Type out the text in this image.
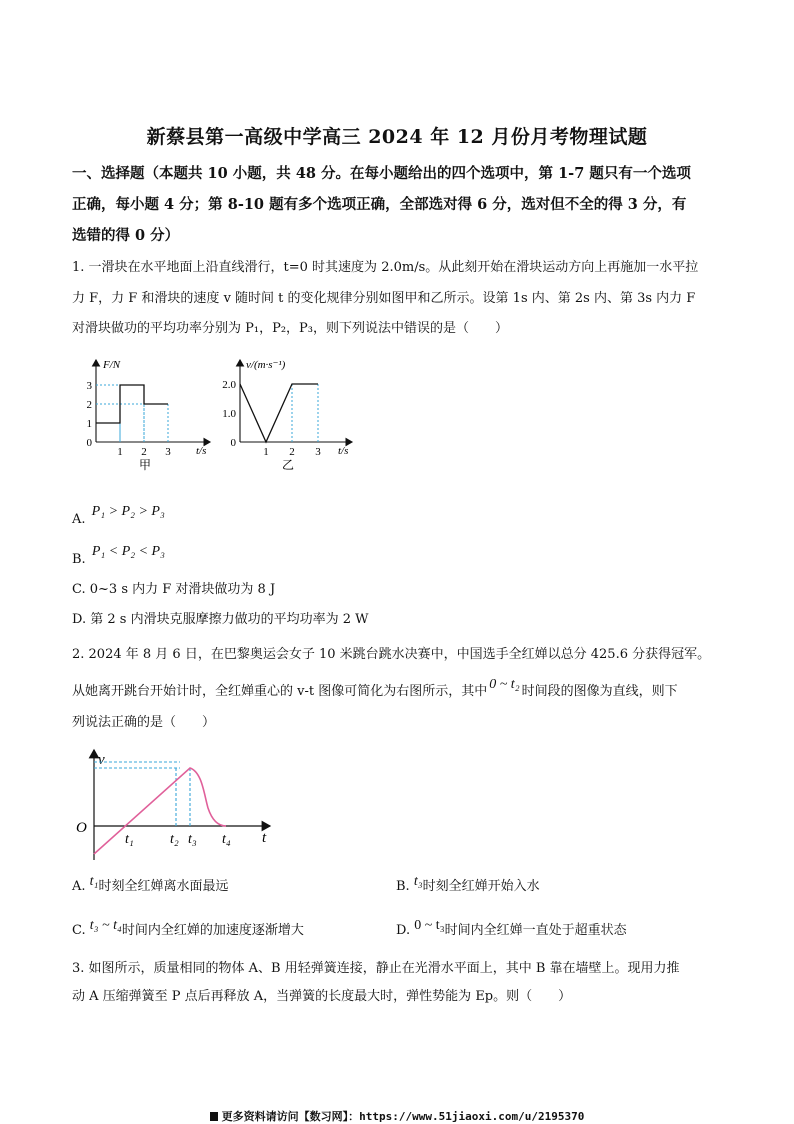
新蔡县第一高级中学高三 2024 年 12 月份月考物理试题
一、选择题（本题共 10 小题，共 48 分。在每小题给出的四个选项中，第 1-7 题只有一个选项
正确，每小题 4 分；第 8-10 题有多个选项正确，全部选对得 6 分，选对但不全的得 3 分，有
选错的得 0 分）
1. 一滑块在水平地面上沿直线滑行，t=0 时其速度为 2.0m/s。从此刻开始在滑块运动方向上再施加一水平拉
力 F，力 F 和滑块的速度 v 随时间 t 的变化规律分别如图甲和乙所示。设第 1s 内、第 2s 内、第 3s 内力 F
对滑块做功的平均功率分别为 P₁，P₂，P₃，则下列说法中错误的是（　　）
F/N
t/s
3
2
1
0
1 2 3
甲
v/(m·s⁻¹)
t/s
2.0
1.0
0
1 2 3
乙
A. P₁ > P₂ > P₃
B. P₁ < P₂ < P₃
C. 0~3 s 内力 F 对滑块做功为 8 J
D. 第 2 s 内滑块克服摩擦力做功的平均功率为 2 W
2. 2024 年 8 月 6 日，在巴黎奥运会女子 10 米跳台跳水决赛中，中国选手全红婵以总分 425.6 分获得冠军。
从她离开跳台开始计时，全红婵重心的 v-t 图像可简化为右图所示，其中 0 ~ t₂ 时间段的图像为直线，则下
列说法正确的是（　　）
v
t
O
t₁	t₂ t₃ t₄
A. t₁时刻全红婵离水面最远	B. t₃时刻全红婵开始入水
C. t₃ ~ t₄时间内全红婵的加速度逐渐增大	D. 0 ~ t₃时间内全红婵一直处于超重状态
3. 如图所示，质量相同的物体 A、B 用轻弹簧连接，静止在光滑水平面上，其中 B 靠在墙壁上。现用力推
动 A 压缩弹簧至 P 点后再释放 A，当弹簧的长度最大时，弹性势能为 Ep。则（　　）
更多资料请访问【数习网】：https://www.51jiaoxi.com/u/2195370
